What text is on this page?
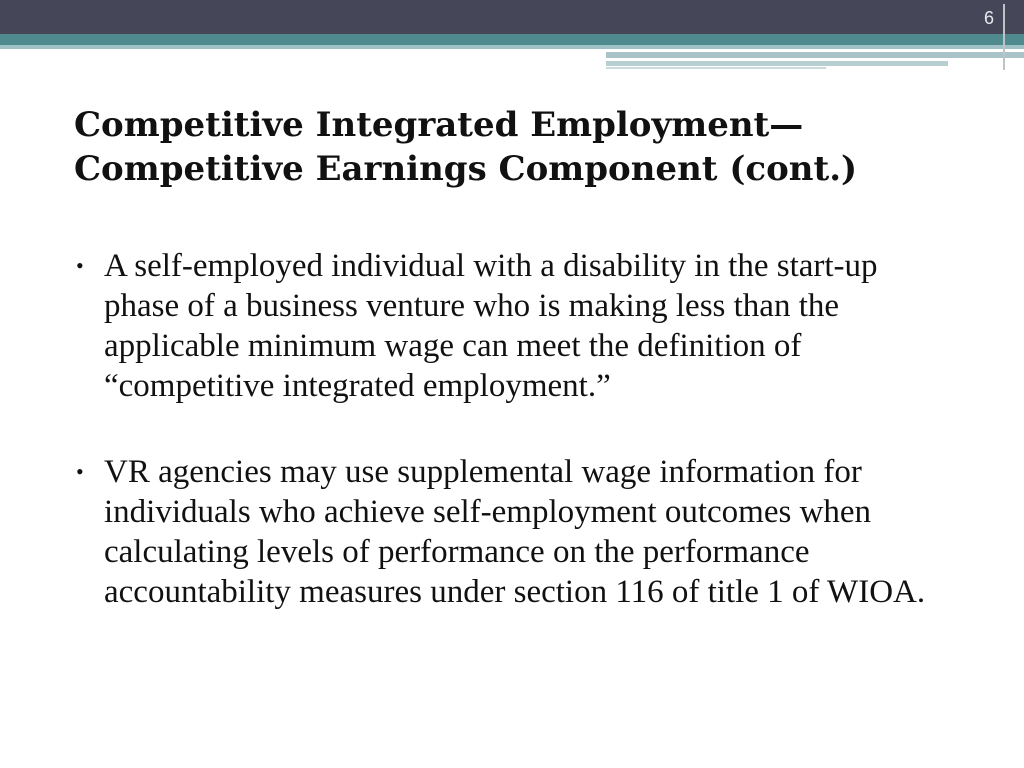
6
Competitive Integrated Employment—
Competitive Earnings Component (cont.)
• A self-employed individual with a disability in the start-up phase of a business venture who is making less than the applicable minimum wage can meet the definition of “competitive integrated employment.”
• VR agencies may use supplemental wage information for individuals who achieve self-employment outcomes when calculating levels of performance on the performance accountability measures under section 116 of title 1 of WIOA.
